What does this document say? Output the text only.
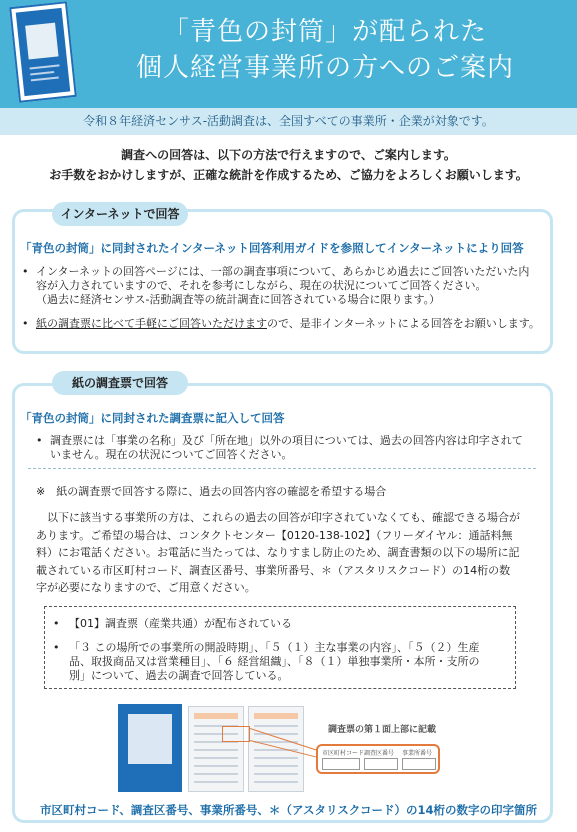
「青色の封筒」が配られた
個人経営事業所の方へのご案内
令和８年経済センサス‐活動調査は、全国すべての事業所・企業が対象です。
調査への回答は、以下の方法で行えますので、ご案内します。
お手数をおかけしますが、正確な統計を作成するため、ご協力をよろしくお願いします。
インターネットで回答
「青色の封筒」に同封されたインターネット回答利用ガイドを参照してインターネットにより回答
• インターネットの回答ページには、一部の調査事項について、あらかじめ過去にご回答いただいた内
容が入力されていますので、それを参考にしながら、現在の状況についてご回答ください。
（過去に経済センサス‐活動調査等の統計調査に回答されている場合に限ります。）
• 紙の調査票に比べて手軽にご回答いただけますので、是非インターネットによる回答をお願いします。
紙の調査票で回答
「青色の封筒」に同封された調査票に記入して回答
• 調査票には「事業の名称」及び「所在地」以外の項目については、過去の回答内容は印字されて
いません。現在の状況についてご回答ください。
※　紙の調査票で回答する際に、過去の回答内容の確認を希望する場合
　以下に該当する事業所の方は、これらの過去の回答が印字されていなくても、確認できる場合が
あります。ご希望の場合は、コンタクトセンター【0120-138-102】（フリーダイヤル：通話料無
料）にお電話ください。お電話に当たっては、なりすまし防止のため、調査書類の以下の場所に記
載されている市区町村コード、調査区番号、事業所番号、＊（アスタリスクコード）の14桁の数
字が必要になりますので、ご用意ください。
• 【01】調査票（産業共通）が配布されている
• 「３ この場所での事業所の開設時期」、「５（１）主な事業の内容」、「５（２）生産
品、取扱商品又は営業種目」、「６ 経営組織」、「８（１）単独事業所・本所・支所の
別」について、過去の調査で回答している。
調査票の第１面上部に記載
市区町村コード 調査区番号 事業所番号
市区町村コード、調査区番号、事業所番号、＊（アスタリスクコード）の14桁の数字の印字箇所
